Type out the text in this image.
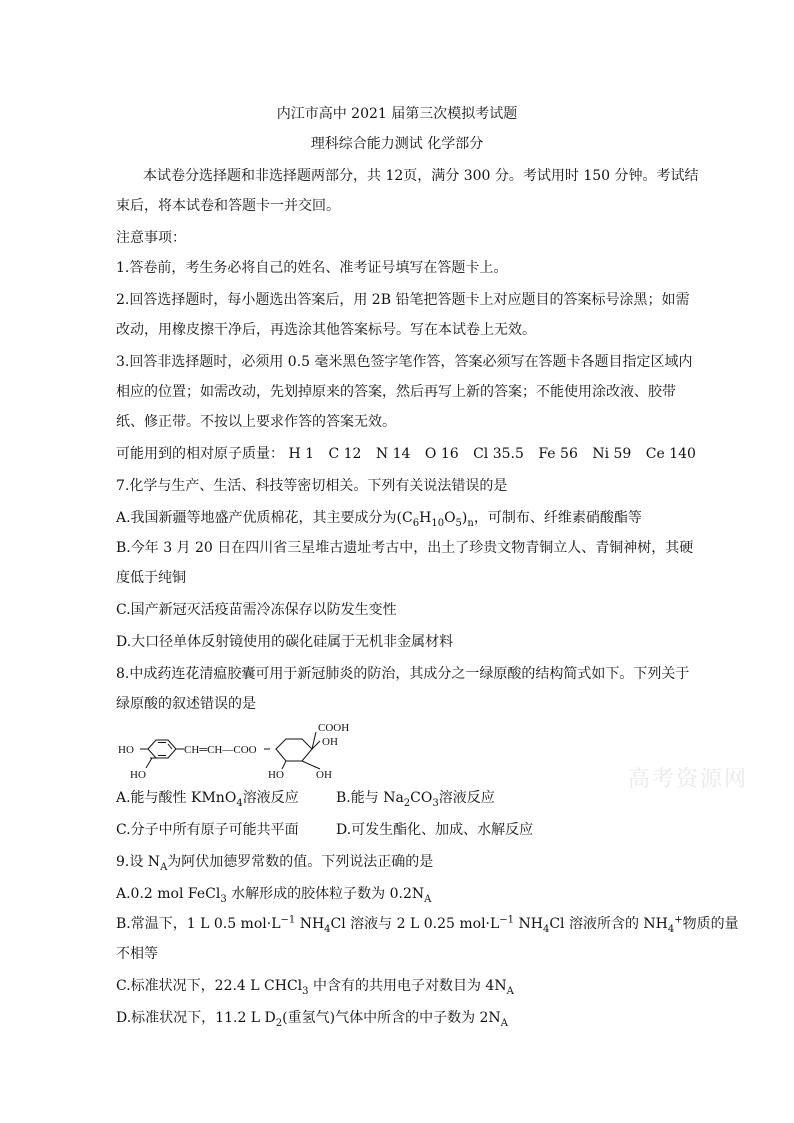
内江市高中 2021 届第三次模拟考试题
理科综合能力测试 化学部分
本试卷分选择题和非选择题两部分，共 12页，满分 300 分。考试用时 150 分钟。考试结
束后，将本试卷和答题卡一并交回。
注意事项：
1.答卷前，考生务必将自己的姓名、准考证号填写在答题卡上。
2.回答选择题时，每小题选出答案后，用 2B 铅笔把答题卡上对应题目的答案标号涂黑；如需
改动，用橡皮擦干净后，再选涂其他答案标号。写在本试卷上无效。
3.回答非选择题时，必须用 0.5 毫米黑色签字笔作答，答案必须写在答题卡各题目指定区域内
相应的位置；如需改动，先划掉原来的答案，然后再写上新的答案；不能使用涂改液、胶带
纸、修正带。不按以上要求作答的答案无效。
可能用到的相对原子质量： H 1 C 12 N 14 O 16 Cl 35.5 Fe 56 Ni 59 Ce 140
7.化学与生产、生活、科技等密切相关。下列有关说法错误的是
A.我国新疆等地盛产优质棉花，其主要成分为$(C_6H_{10}O_5)_n$，可制布、纤维素硝酸酯等
B.今年 3 月 20 日在四川省三星堆古遗址考古中，出土了珍贵文物青铜立人、青铜神树，其硬
度低于纯铜
C.国产新冠灭活疫苗需冷冻保存以防发生变性
D.大口径单体反射镜使用的碳化硅属于无机非金属材料
8.中成药连花清瘟胶囊可用于新冠肺炎的防治，其成分之一绿原酸的结构简式如下。下列关于
绿原酸的叙述错误的是
HO
HO
CH═CH—COO
COOH
OH
HO	OH
A.能与酸性 KMnO$_4$溶液反应	B.能与 $Na_2CO_3$溶液反应
C.分子中所有原子可能共平面	D.可发生酯化、加成、水解反应
9.设 $N_A$为阿伏加德罗常数的值。下列说法正确的是
A.0.2 mol FeCl$_3$ 水解形成的胶体粒子数为 $0.2N_A$
B.常温下，1 L 0.5 $mol\cdot L^{-1}$ $NH_4Cl$ 溶液与 2 L 0.25 $mol\cdot L^{-1}$ $NH_4Cl$ 溶液所含的 $NH_4^+$物质的量
不相等
C.标准状况下，22.4 L CHCl$_3$ 中含有的共用电子对数目为 $4N_A$
D.标准状况下，11.2 L $D_2$(重氢气)气体中所含的中子数为 $2N_A$
高考资源网
